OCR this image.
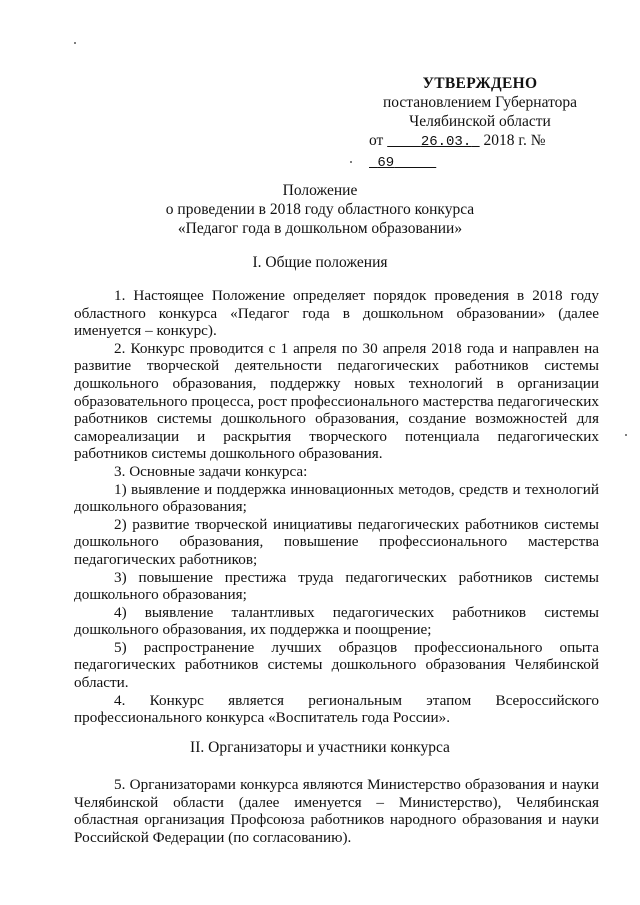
УТВЕРЖДЕНО
постановлением Губернатора
Челябинской области
от	26.03. 2018 г. №  69
Положение
о проведении в 2018 году областного конкурса
«Педагог года в дошкольном образовании»
I. Общие положения

1. Настоящее Положение определяет порядок проведения в 2018 году областного конкурса «Педагог года в дошкольном образовании» (далее именуется – конкурс).

2. Конкурс проводится с 1 апреля по 30 апреля 2018 года и направлен на развитие творческой деятельности педагогических работников системы дошкольного образования, поддержку новых технологий в организации образовательного процесса, рост профессионального мастерства педагогических работников системы дошкольного образования, создание возможностей для самореализации и раскрытия творческого потенциала педагогических работников системы дошкольного образования.

3. Основные задачи конкурса:

1) выявление и поддержка инновационных методов, средств и технологий дошкольного образования;

2) развитие творческой инициативы педагогических работников системы дошкольного образования, повышение профессионального мастерства педагогических работников;

3) повышение престижа труда педагогических работников системы дошкольного образования;

4) выявление талантливых педагогических работников системы дошкольного образования, их поддержка и поощрение;

5) распространение лучших образцов профессионального опыта педагогических работников системы дошкольного образования Челябинской области.

4. Конкурс является региональным этапом Всероссийского профессионального конкурса «Воспитатель года России».

II. Организаторы и участники конкурса

5. Организаторами конкурса являются Министерство образования и науки Челябинской области (далее именуется – Министерство), Челябинская областная организация Профсоюза работников народного образования и науки Российской Федерации (по согласованию).
